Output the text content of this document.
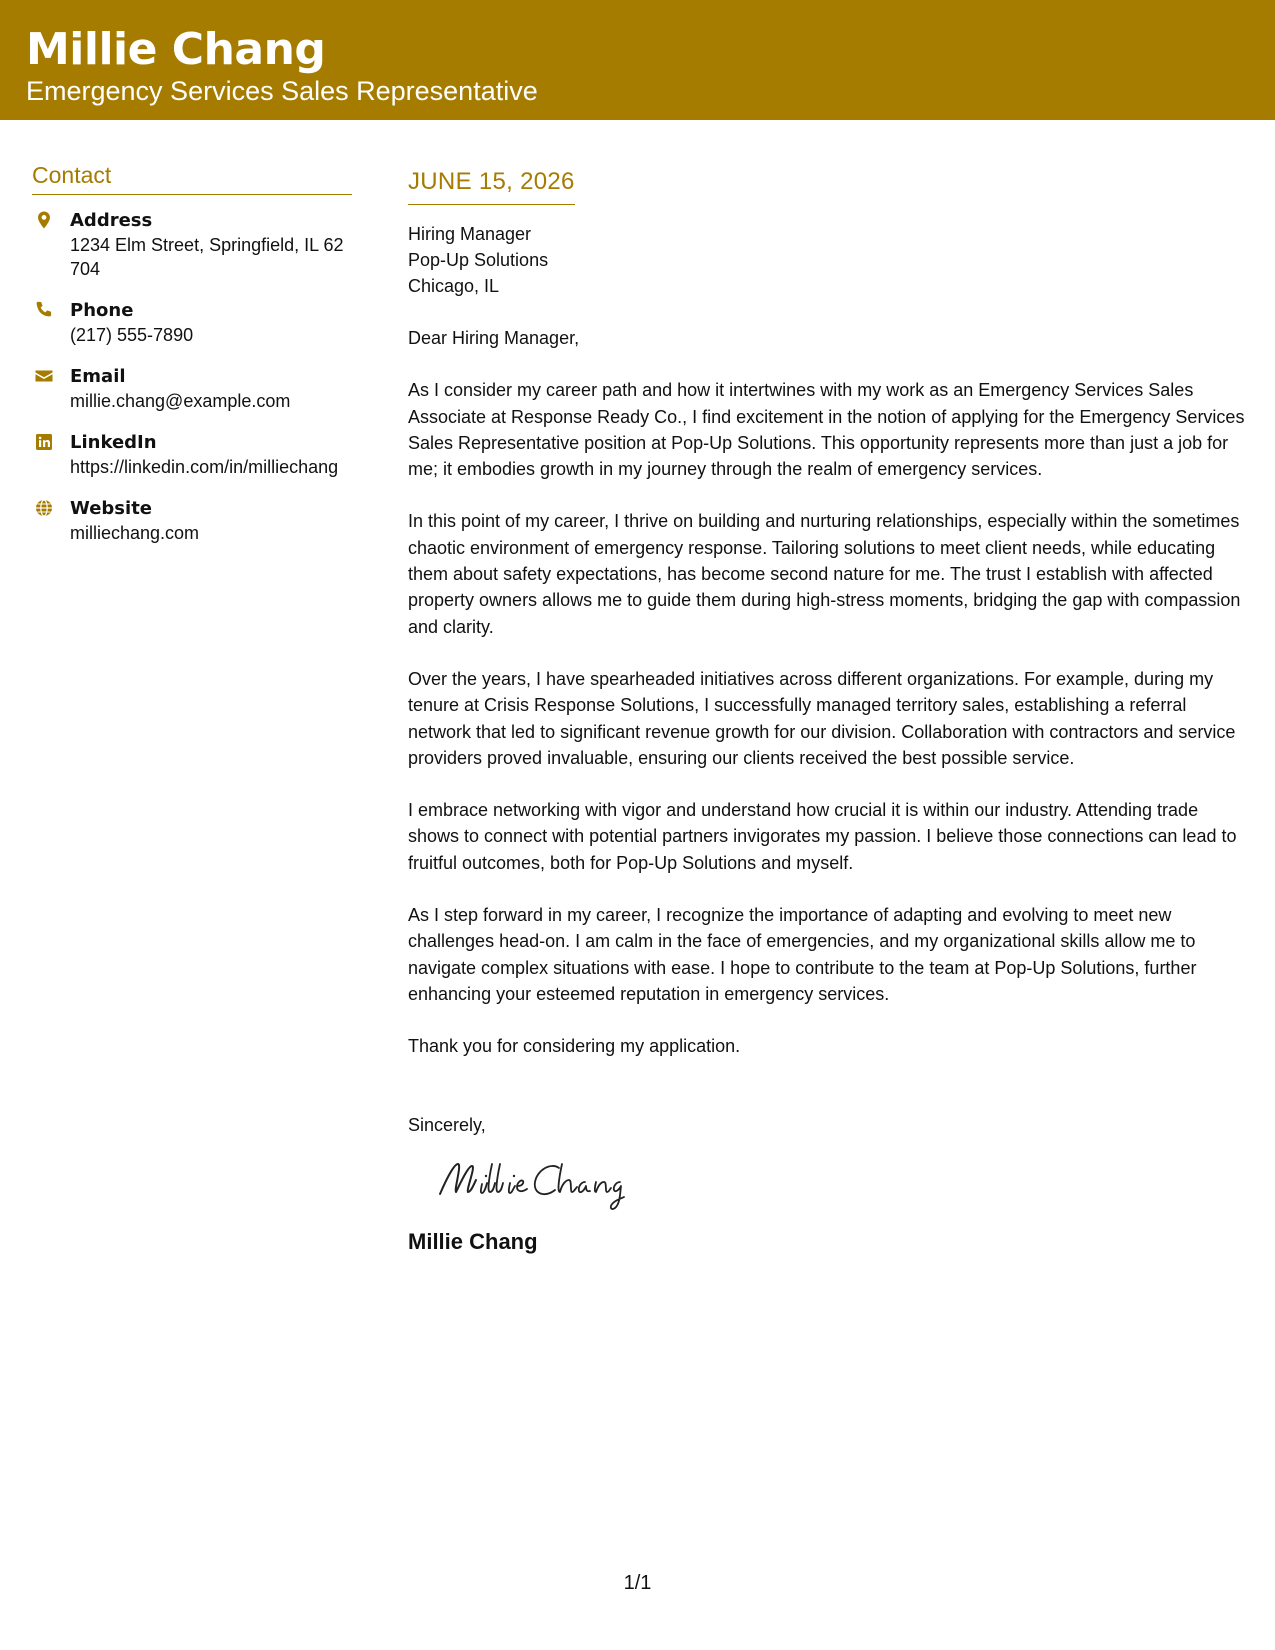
Millie Chang
Emergency Services Sales Representative
Contact
Address
1234 Elm Street, Springfield, IL 62704
Phone
(217) 555-7890
Email
millie.chang@example.com
LinkedIn
https://linkedin.com/in/milliechang
Website
milliechang.com
JUNE 15, 2026
Hiring Manager
Pop-Up Solutions
Chicago, IL

Dear Hiring Manager,

As I consider my career path and how it intertwines with my work as an Emergency Services Sales Associate at Response Ready Co., I find excitement in the notion of applying for the Emergency Services Sales Representative position at Pop-Up Solutions. This opportunity represents more than just a job for me; it embodies growth in my journey through the realm of emergency services.

In this point of my career, I thrive on building and nurturing relationships, especially within the sometimes chaotic environment of emergency response. Tailoring solutions to meet client needs, while educating them about safety expectations, has become second nature for me. The trust I establish with affected property owners allows me to guide them during high-stress moments, bridging the gap with compassion and clarity.

Over the years, I have spearheaded initiatives across different organizations. For example, during my tenure at Crisis Response Solutions, I successfully managed territory sales, establishing a referral network that led to significant revenue growth for our division. Collaboration with contractors and service providers proved invaluable, ensuring our clients received the best possible service.

I embrace networking with vigor and understand how crucial it is within our industry. Attending trade shows to connect with potential partners invigorates my passion. I believe those connections can lead to fruitful outcomes, both for Pop-Up Solutions and myself.

As I step forward in my career, I recognize the importance of adapting and evolving to meet new challenges head-on. I am calm in the face of emergencies, and my organizational skills allow me to navigate complex situations with ease. I hope to contribute to the team at Pop-Up Solutions, further enhancing your esteemed reputation in emergency services.

Thank you for considering my application.

Sincerely,

Millie Chang
1/1
